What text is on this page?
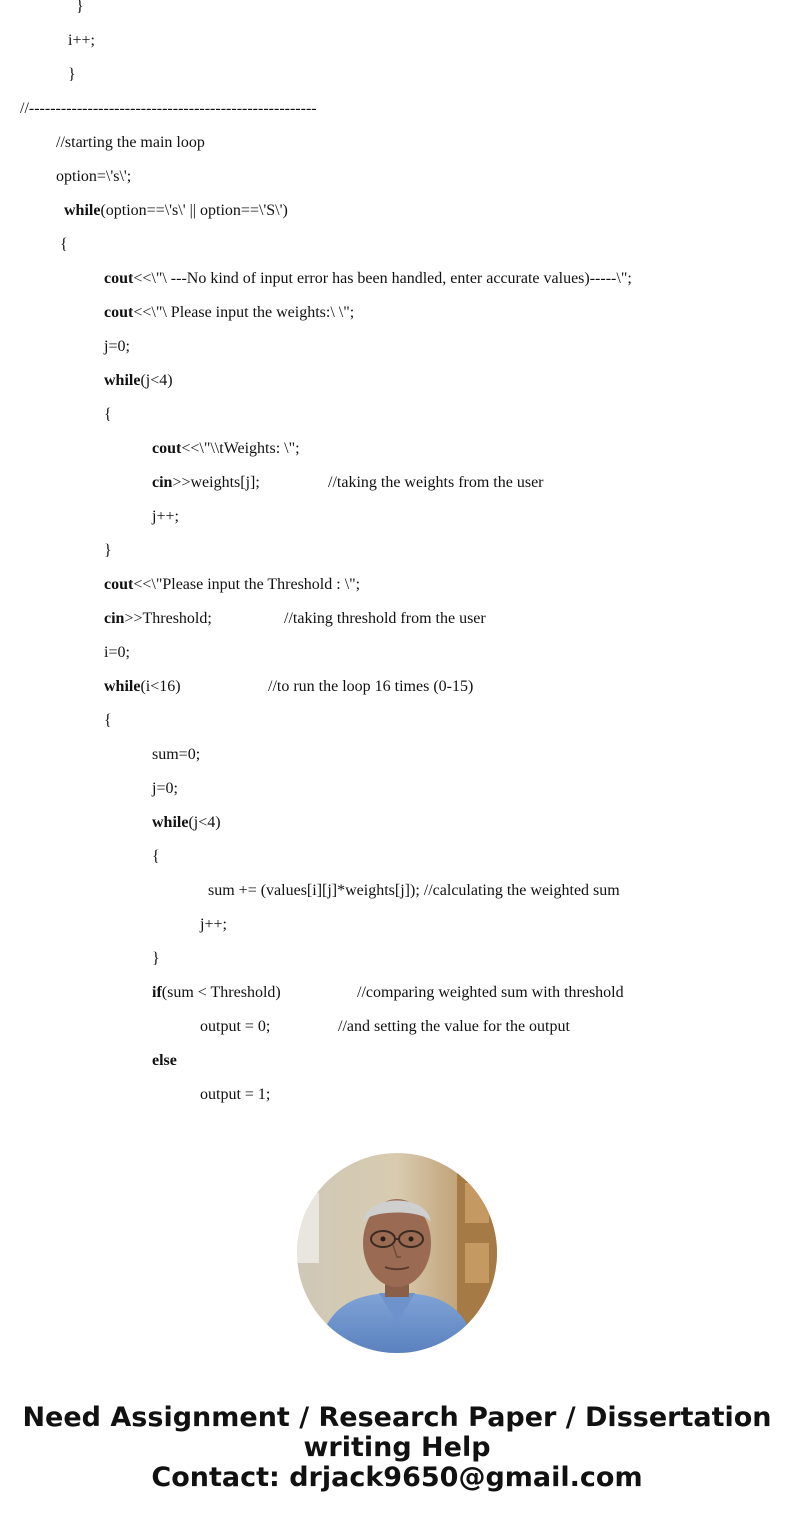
}
i++;
}
//------------------------------------------------------
//starting the main loop
option=\'s\';
while(option==\'s\' || option==\'S\')
{
cout<<\"\ ---No kind of input error has been handled, enter accurate values)-----\";
cout<<\"\ Please input the weights:\ \";
j=0;
while(j<4)
{
cout<<\"\\tWeights: \";
cin>>weights[j];	//taking the weights from the user
j++;
}
cout<<\"Please input the Threshold : \";
cin>>Threshold;	//taking threshold from the user
i=0;
while(i<16)	//to run the loop 16 times (0-15)
{
sum=0;
j=0;
while(j<4)
{
sum += (values[i][j]*weights[j]); //calculating the weighted sum
j++;
}
if(sum < Threshold)	//comparing weighted sum with threshold
output = 0;	//and setting the value for the output
else
output = 1;
Need Assignment / Research Paper / Dissertation
writing Help
Contact: drjack9650@gmail.com
